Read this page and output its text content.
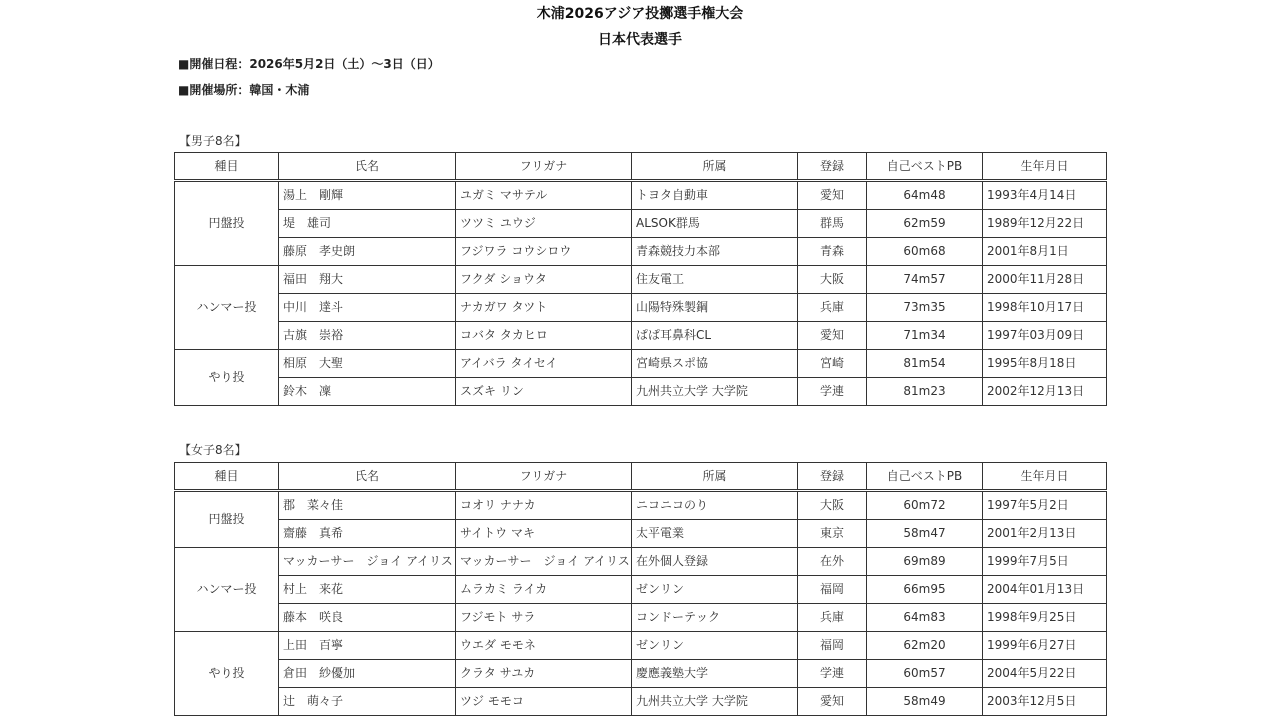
木浦2026アジア投擲選手権大会
日本代表選手
■開催日程：2026年5月2日（土）～3日（日）
■開催場所：韓国・木浦
【男子8名】
種目	氏名	フリガナ	所属	登録	自己ベストPB	生年月日
円盤投	湯上　剛輝	ユガミ マサテル	トヨタ自動車	愛知	64m48	1993年4月14日
	堤　雄司	ツツミ ユウジ	ALSOK群馬	群馬	62m59	1989年12月22日
	藤原　孝史朗	フジワラ コウシロウ	青森競技力本部	青森	60m68	2001年8月1日
ハンマー投	福田　翔大	フクダ ショウタ	住友電工	大阪	74m57	2000年11月28日
	中川　達斗	ナカガワ タツト	山陽特殊製鋼	兵庫	73m35	1998年10月17日
	古旗　崇裕	コバタ タカヒロ	ぱぱ耳鼻科CL	愛知	71m34	1997年03月09日
やり投	相原　大聖	アイバラ タイセイ	宮崎県スポ協	宮崎	81m54	1995年8月18日
	鈴木　凜	スズキ リン	九州共立大学 大学院	学連	81m23	2002年12月13日
【女子8名】
種目	氏名	フリガナ	所属	登録	自己ベストPB	生年月日
円盤投	郡　菜々佳	コオリ ナナカ	ニコニコのり	大阪	60m72	1997年5月2日
	齋藤　真希	サイトウ マキ	太平電業	東京	58m47	2001年2月13日
ハンマー投	マッカーサー　ジョイ アイリス	マッカーサー　ジョイ アイリス	在外個人登録	在外	69m89	1999年7月5日
	村上　来花	ムラカミ ライカ	ゼンリン	福岡	66m95	2004年01月13日
	藤本　咲良	フジモト サラ	コンドーテック	兵庫	64m83	1998年9月25日
やり投	上田　百寧	ウエダ モモネ	ゼンリン	福岡	62m20	1999年6月27日
	倉田　紗優加	クラタ サユカ	慶應義塾大学	学連	60m57	2004年5月22日
	辻　萌々子	ツジ モモコ	九州共立大学 大学院	愛知	58m49	2003年12月5日
